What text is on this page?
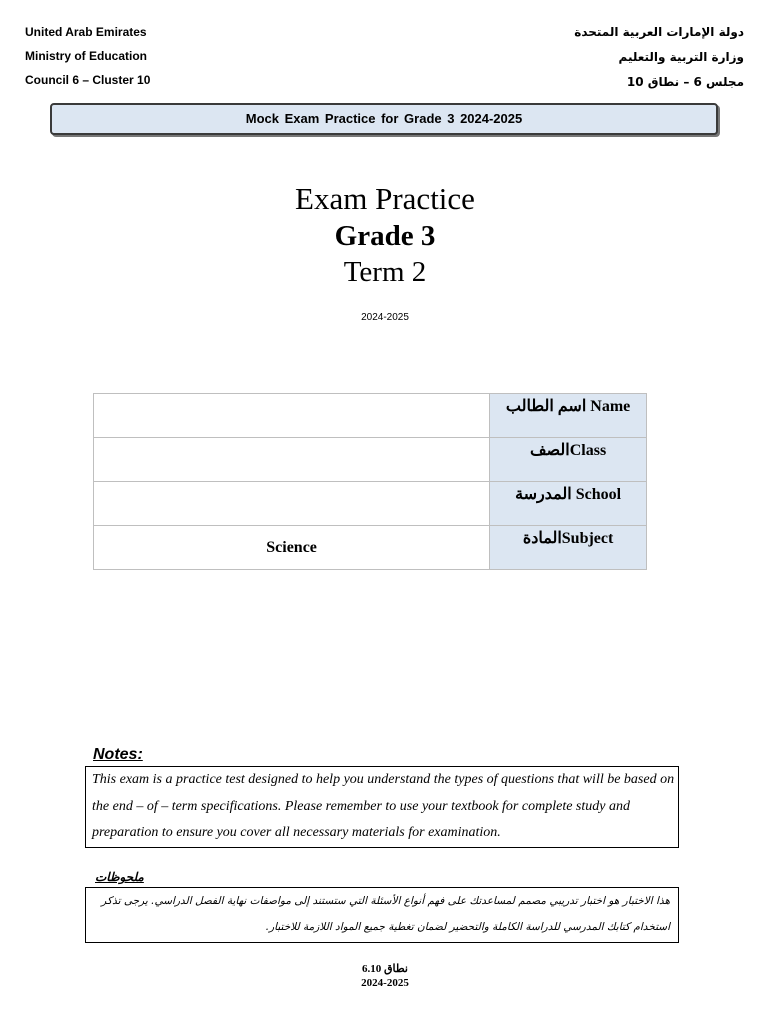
United Arab Emirates
Ministry of Education
Council 6 – Cluster 10
دولة الإمارات العربية المتحدة
وزارة التربية والتعليم
مجلس 6 – نطاق 10
Mock Exam Practice for Grade 3 2024-2025
Exam Practice
Grade 3
Term 2
2024-2025
	اسم الطالب Name
	الصفClass
	المدرسة School
Science	المادةSubject
Notes:
This exam is a practice test designed to help you understand the types of questions that will be based on the end – of – term specifications. Please remember to use your textbook for complete study and preparation to ensure you cover all necessary materials for examination.
ملحوظات
هذا الاختبار هو اختبار تدريبي مصمم لمساعدتك على فهم أنواع الأسئلة التي ستستند إلى مواصفات نهاية الفصل الدراسي. يرجى تذكر استخدام كتابك المدرسي للدراسة الكاملة والتحضير لضمان تغطية جميع المواد اللازمة للاختبار.
نطاق 6.10
2024-2025
